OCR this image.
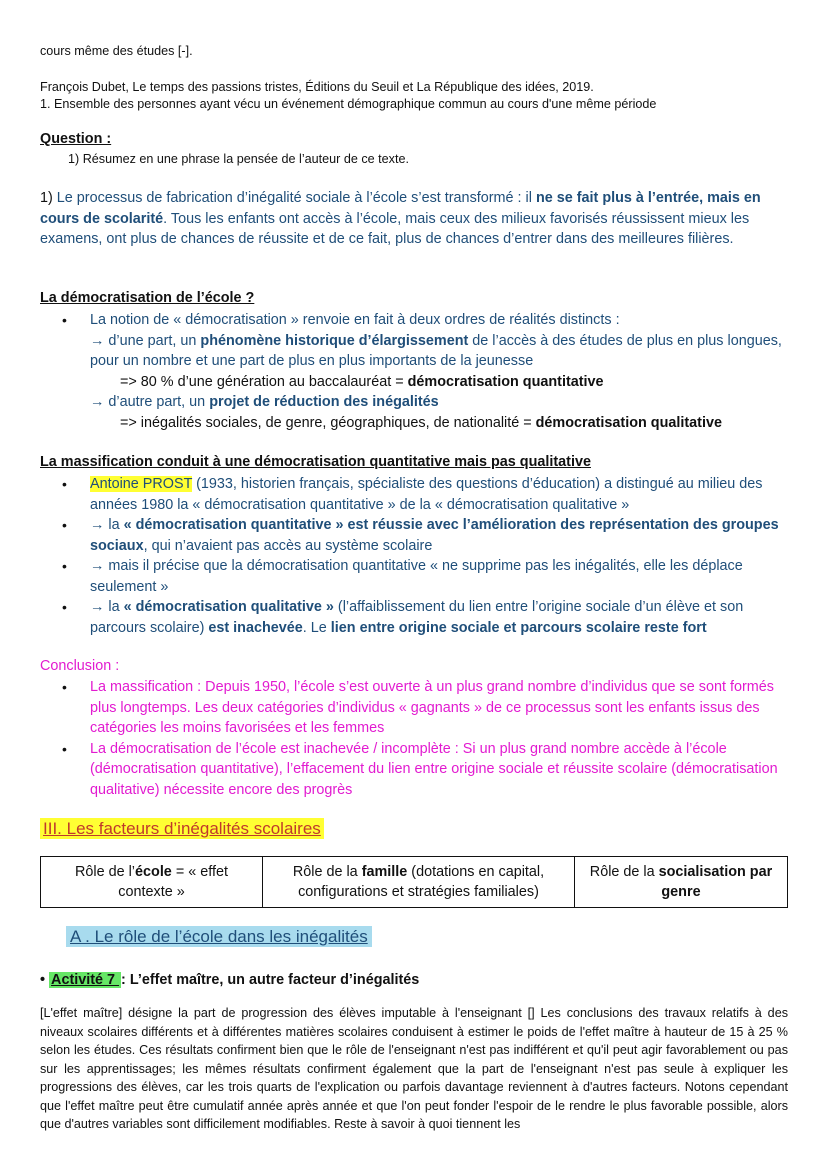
cours même des études [-].
François Dubet, Le temps des passions tristes, Éditions du Seuil et La République des idées, 2019.
1. Ensemble des personnes ayant vécu un événement démographique commun au cours d'une même période
Question :
1) Résumez en une phrase la pensée de l’auteur de ce texte.
1) Le processus de fabrication d’inégalité sociale à l’école s’est transformé : il ne se fait plus à l’entrée, mais en cours de scolarité. Tous les enfants ont accès à l’école, mais ceux des milieux favorisés réussissent mieux les examens, ont plus de chances de réussite et de ce fait, plus de chances d’entrer dans des meilleures filières.
La démocratisation de l’école ?
• La notion de « démocratisation » renvoie en fait à deux ordres de réalités distincts :
→ d’une part, un phénomène historique d’élargissement de l’accès à des études de plus en plus longues, pour un nombre et une part de plus en plus importants de la jeunesse
=> 80 % d’une génération au baccalauréat = démocratisation quantitative
→ d’autre part, un projet de réduction des inégalités
=> inégalités sociales, de genre, géographiques, de nationalité = démocratisation qualitative
La massification conduit à une démocratisation quantitative mais pas qualitative
• Antoine PROST (1933, historien français, spécialiste des questions d’éducation) a distingué au milieu des années 1980 la « démocratisation quantitative » de la « démocratisation qualitative »
• → la « démocratisation quantitative » est réussie avec l’amélioration des représentation des groupes sociaux, qui n’avaient pas accès au système scolaire
• → mais il précise que la démocratisation quantitative « ne supprime pas les inégalités, elle les déplace seulement »
• → la « démocratisation qualitative » (l’affaiblissement du lien entre l’origine sociale d’un élève et son parcours scolaire) est inachevée. Le lien entre origine sociale et parcours scolaire reste fort
Conclusion :
• La massification : Depuis 1950, l’école s’est ouverte à un plus grand nombre d’individus que se sont formés plus longtemps. Les deux catégories d’individus « gagnants » de ce processus sont les enfants issus des catégories les moins favorisées et les femmes
• La démocratisation de l’école est inachevée / incomplète : Si un plus grand nombre accède à l’école (démocratisation quantitative), l’effacement du lien entre origine sociale et réussite scolaire (démocratisation qualitative) nécessite encore des progrès
III. Les facteurs d’inégalités scolaires
Rôle de l’école = « effet contexte »	Rôle de la famille (dotations en capital, configurations et stratégies familiales)	Rôle de la socialisation par genre
A . Le rôle de l’école dans les inégalités
• Activité 7 : L’effet maître, un autre facteur d’inégalités
[L'effet maître] désigne la part de progression des élèves imputable à l'enseignant [] Les conclusions des travaux relatifs à des niveaux scolaires différents et à différentes matières scolaires conduisent à estimer le poids de l'effet maître à hauteur de 15 à 25 % selon les études. Ces résultats confirment bien que le rôle de l'enseignant n'est pas indifférent et qu'il peut agir favorablement ou pas sur les apprentissages; les mêmes résultats confirment également que la part de l'enseignant n'est pas seule à expliquer les progressions des élèves, car les trois quarts de l'explication ou parfois davantage reviennent à d'autres facteurs. Notons cependant que l'effet maître peut être cumulatif année après année et que l'on peut fonder l'espoir de le rendre le plus favorable possible, alors que d'autres variables sont difficilement modifiables. Reste à savoir à quoi tiennent les
